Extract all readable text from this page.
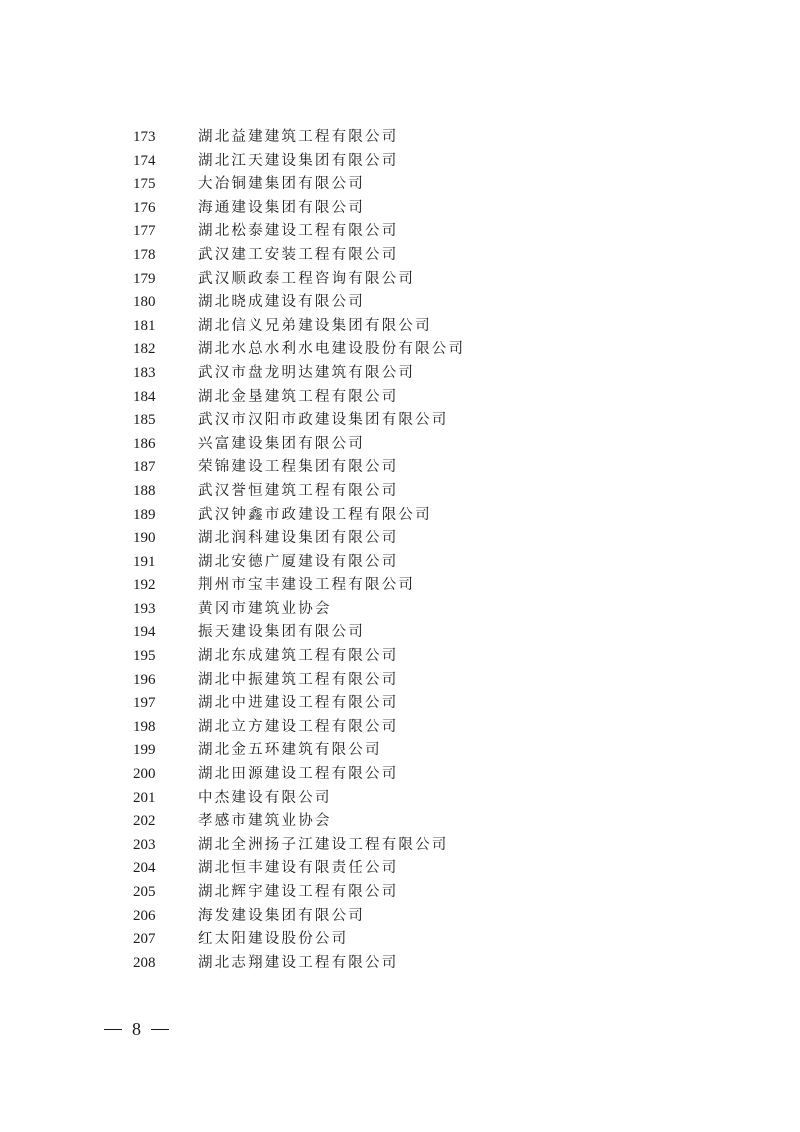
173	湖北益建建筑工程有限公司
174	湖北江天建设集团有限公司
175	大冶铜建集团有限公司
176	海通建设集团有限公司
177	湖北松泰建设工程有限公司
178	武汉建工安装工程有限公司
179	武汉顺政泰工程咨询有限公司
180	湖北晓成建设有限公司
181	湖北信义兄弟建设集团有限公司
182	湖北水总水利水电建设股份有限公司
183	武汉市盘龙明达建筑有限公司
184	湖北金垦建筑工程有限公司
185	武汉市汉阳市政建设集团有限公司
186	兴富建设集团有限公司
187	荣锦建设工程集团有限公司
188	武汉誉恒建筑工程有限公司
189	武汉钟鑫市政建设工程有限公司
190	湖北润科建设集团有限公司
191	湖北安德广厦建设有限公司
192	荆州市宝丰建设工程有限公司
193	黄冈市建筑业协会
194	振天建设集团有限公司
195	湖北东成建筑工程有限公司
196	湖北中振建筑工程有限公司
197	湖北中进建设工程有限公司
198	湖北立方建设工程有限公司
199	湖北金五环建筑有限公司
200	湖北田源建设工程有限公司
201	中杰建设有限公司
202	孝感市建筑业协会
203	湖北全洲扬子江建设工程有限公司
204	湖北恒丰建设有限责任公司
205	湖北辉宇建设工程有限公司
206	海发建设集团有限公司
207	红太阳建设股份公司
208	湖北志翔建设工程有限公司
8
